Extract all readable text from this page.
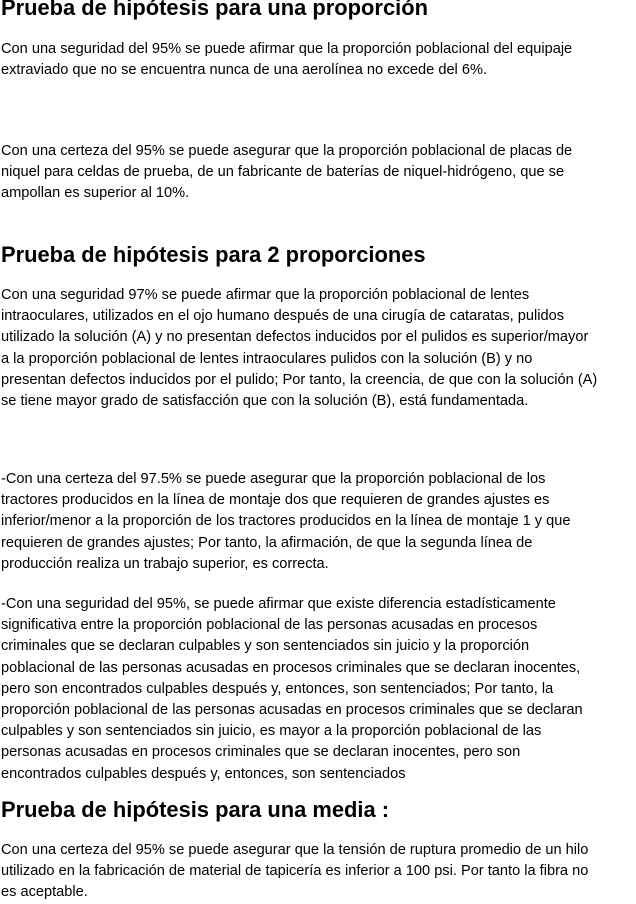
Prueba de hipótesis para una proporción

Con una seguridad del 95% se puede afirmar que la proporción poblacional del equipaje
extraviado que no se encuentra nunca de una aerolínea no excede del 6%.

Con una certeza del 95% se puede asegurar que la proporción poblacional de placas de
niquel para celdas de prueba, de un fabricante de baterías de niquel-hidrógeno, que se
ampollan es superior al 10%.

Prueba de hipótesis para 2 proporciones

Con una seguridad 97% se puede afirmar que la proporción poblacional de lentes
intraoculares, utilizados en el ojo humano después de una cirugía de cataratas, pulidos
utilizado la solución (A) y no presentan defectos inducidos por el pulidos es superior/mayor
a la proporción poblacional de lentes intraoculares pulidos con la solución (B) y no
presentan defectos inducidos por el pulido; Por tanto, la creencia, de que con la solución (A)
se tiene mayor grado de satisfacción que con la solución (B), está fundamentada.

-Con una certeza del 97.5% se puede asegurar que la proporción poblacional de los
tractores producidos en la línea de montaje dos que requieren de grandes ajustes es
inferior/menor a la proporción de los tractores producidos en la línea de montaje 1 y que
requieren de grandes ajustes; Por tanto, la afirmación, de que la segunda línea de
producción realiza un trabajo superior, es correcta.

-Con una seguridad del 95%, se puede afirmar que existe diferencia estadísticamente
significativa entre la proporción poblacional de las personas acusadas en procesos
criminales que se declaran culpables y son sentenciados sin juicio y la proporción
poblacional de las personas acusadas en procesos criminales que se declaran inocentes,
pero son encontrados culpables después y, entonces, son sentenciados; Por tanto, la
proporción poblacional de las personas acusadas en procesos criminales que se declaran
culpables y son sentenciados sin juicio, es mayor a la proporción poblacional de las
personas acusadas en procesos criminales que se declaran inocentes, pero son
encontrados culpables después y, entonces, son sentenciados

Prueba de hipótesis para una media :

Con una certeza del 95% se puede asegurar que la tensión de ruptura promedio de un hilo
utilizado en la fabricación de material de tapicería es inferior a 100 psi. Por tanto la fibra no
es aceptable.
